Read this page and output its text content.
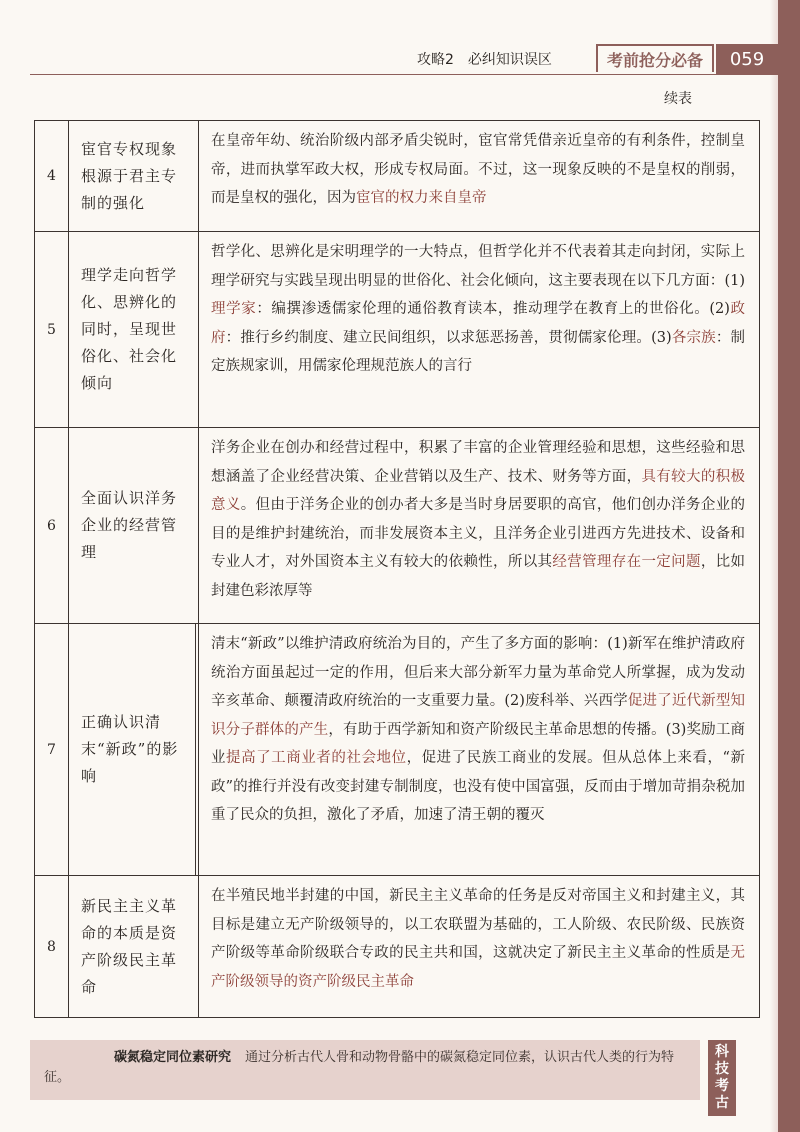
攻略2　必纠知识误区	考前抢分必备	059
续表
4
宦官专权现象根源于君主专制的强化
在皇帝年幼、统治阶级内部矛盾尖锐时，宦官常凭借亲近皇帝的有利条件，控制皇帝，进而执掌军政大权，形成专权局面。不过，这一现象反映的不是皇权的削弱，而是皇权的强化，因为宦官的权力来自皇帝
5
理学走向哲学化、思辨化的同时，呈现世俗化、社会化倾向
哲学化、思辨化是宋明理学的一大特点，但哲学化并不代表着其走向封闭，实际上理学研究与实践呈现出明显的世俗化、社会化倾向，这主要表现在以下几方面：(1)理学家：编撰渗透儒家伦理的通俗教育读本，推动理学在教育上的世俗化。(2)政府：推行乡约制度、建立民间组织，以求惩恶扬善，贯彻儒家伦理。(3)各宗族：制定族规家训，用儒家伦理规范族人的言行
6
全面认识洋务企业的经营管理
洋务企业在创办和经营过程中，积累了丰富的企业管理经验和思想，这些经验和思想涵盖了企业经营决策、企业营销以及生产、技术、财务等方面，具有较大的积极意义。但由于洋务企业的创办者大多是当时身居要职的高官，他们创办洋务企业的目的是维护封建统治，而非发展资本主义，且洋务企业引进西方先进技术、设备和专业人才，对外国资本主义有较大的依赖性，所以其经营管理存在一定问题，比如封建色彩浓厚等
7
正确认识清末“新政”的影响
清末“新政”以维护清政府统治为目的，产生了多方面的影响：(1)新军在维护清政府统治方面虽起过一定的作用，但后来大部分新军力量为革命党人所掌握，成为发动辛亥革命、颠覆清政府统治的一支重要力量。(2)废科举、兴西学促进了近代新型知识分子群体的产生，有助于西学新知和资产阶级民主革命思想的传播。(3)奖励工商业提高了工商业者的社会地位，促进了民族工商业的发展。但从总体上来看，“新政”的推行并没有改变封建专制制度，也没有使中国富强，反而由于增加苛捐杂税加重了民众的负担，激化了矛盾，加速了清王朝的覆灭
8
新民主主义革命的本质是资产阶级民主革命
在半殖民地半封建的中国，新民主主义革命的任务是反对帝国主义和封建主义，其目标是建立无产阶级领导的，以工农联盟为基础的，工人阶级、农民阶级、民族资产阶级等革命阶级联合专政的民主共和国，这就决定了新民主主义革命的性质是无产阶级领导的资产阶级民主革命
碳氮稳定同位素研究 通过分析古代人骨和动物骨骼中的碳氮稳定同位素，认识古代人类的行为特征。
科
技
考
古
